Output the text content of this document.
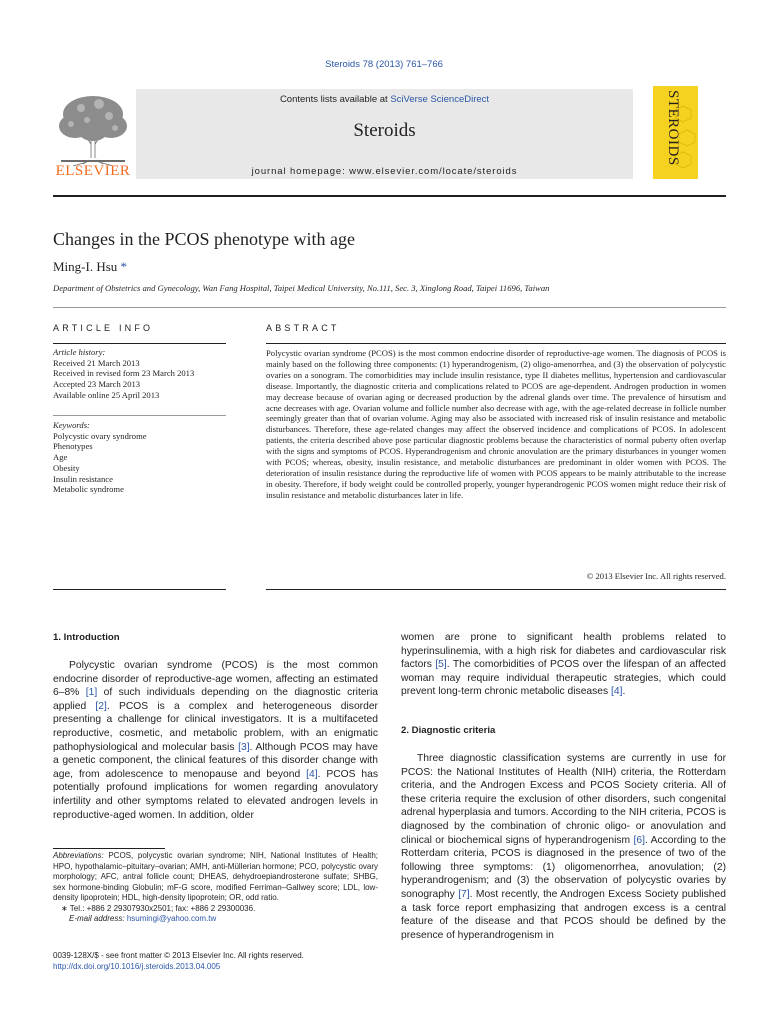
Steroids 78 (2013) 761–766
ELSEVIER
Contents lists available at SciVerse ScienceDirect
Steroids
journal homepage: www.elsevier.com/locate/steroids
STEROIDS
Changes in the PCOS phenotype with age
Ming-I. Hsu *
Department of Obstetrics and Gynecology, Wan Fang Hospital, Taipei Medical University, No.111, Sec. 3, Xinglong Road, Taipei 11696, Taiwan
ARTICLE INFO	ABSTRACT
Article history:
Received 21 March 2013
Received in revised form 23 March 2013
Accepted 23 March 2013
Available online 25 April 2013
Keywords:
Polycystic ovary syndrome
Phenotypes
Age
Obesity
Insulin resistance
Metabolic syndrome
Polycystic ovarian syndrome (PCOS) is the most common endocrine disorder of reproductive-age women. The diagnosis of PCOS is mainly based on the following three components: (1) hyperandrogenism, (2) oligo-amenorrhea, and (3) the observation of polycystic ovaries on a sonogram. The comorbidities may include insulin resistance, type II diabetes mellitus, hypertension and cardiovascular disease. Importantly, the diagnostic criteria and complications related to PCOS are age-dependent. Androgen production in women may decrease because of ovarian aging or decreased production by the adrenal glands over time. The prevalence of hirsutism and acne decreases with age. Ovarian volume and follicle number also decrease with age, with the age-related decrease in follicle number seemingly greater than that of ovarian volume. Aging may also be associated with increased risk of insulin resistance and metabolic disturbances. Therefore, these age-related changes may affect the observed incidence and complications of PCOS. In adolescent patients, the criteria described above pose particular diagnostic problems because the characteristics of normal puberty often overlap with the signs and symptoms of PCOS. Hyperandrogenism and chronic anovulation are the primary disturbances in younger women with PCOS; whereas, obesity, insulin resistance, and metabolic disturbances are predominant in older women with PCOS. The deterioration of insulin resistance during the reproductive life of women with PCOS appears to be mainly attributable to the increase in obesity. Therefore, if body weight could be controlled properly, younger hyperandrogenic PCOS women might reduce their risk of insulin resistance and metabolic disturbances later in life.
© 2013 Elsevier Inc. All rights reserved.
1. Introduction
Polycystic ovarian syndrome (PCOS) is the most common endocrine disorder of reproductive-age women, affecting an estimated 6–8% [1] of such individuals depending on the diagnostic criteria applied [2]. PCOS is a complex and heterogeneous disorder presenting a challenge for clinical investigators. It is a multifaceted reproductive, cosmetic, and metabolic problem, with an enigmatic pathophysiological and molecular basis [3]. Although PCOS may have a genetic component, the clinical features of this disorder change with age, from adolescence to menopause and beyond [4]. PCOS has potentially profound implications for women regarding anovulatory infertility and other symptoms related to elevated androgen levels in reproductive-aged women. In addition, older
women are prone to significant health problems related to hyperinsulinemia, with a high risk for diabetes and cardiovascular risk factors [5]. The comorbidities of PCOS over the lifespan of an affected woman may require individual therapeutic strategies, which could prevent long-term chronic metabolic diseases [4].
2. Diagnostic criteria
Three diagnostic classification systems are currently in use for PCOS: the National Institutes of Health (NIH) criteria, the Rotterdam criteria, and the Androgen Excess and PCOS Society criteria. All of these criteria require the exclusion of other disorders, such congenital adrenal hyperplasia and tumors. According to the NIH criteria, PCOS is diagnosed by the combination of chronic oligo- or anovulation and clinical or biochemical signs of hyperandrogenism [6]. According to the Rotterdam criteria, PCOS is diagnosed in the presence of two of the following three symptoms: (1) oligomenorrhea, anovulation; (2) hyperandrogenism; and (3) the observation of polycystic ovaries by sonography [7]. Most recently, the Androgen Excess Society published a task force report emphasizing that androgen excess is a central feature of the disease and that PCOS should be defined by the presence of hyperandrogenism in
Abbreviations: PCOS, polycystic ovarian syndrome; NIH, National Institutes of Health; HPO, hypothalamic–pituitary–ovarian; AMH, anti-Müllerian hormone; PCO, polycystic ovary morphology; AFC, antral follicle count; DHEAS, dehydroepiandrosterone sulfate; SHBG, sex hormone-binding Globulin; mF-G score, modified Ferriman–Gallwey score; LDL, low-density lipoprotein; HDL, high-density lipoprotein; OR, odd ratio.
∗ Tel.: +886 2 29307930x2501; fax: +886 2 29300036.
E-mail address: hsumingi@yahoo.com.tw
0039-128X/$ - see front matter © 2013 Elsevier Inc. All rights reserved.
http://dx.doi.org/10.1016/j.steroids.2013.04.005
